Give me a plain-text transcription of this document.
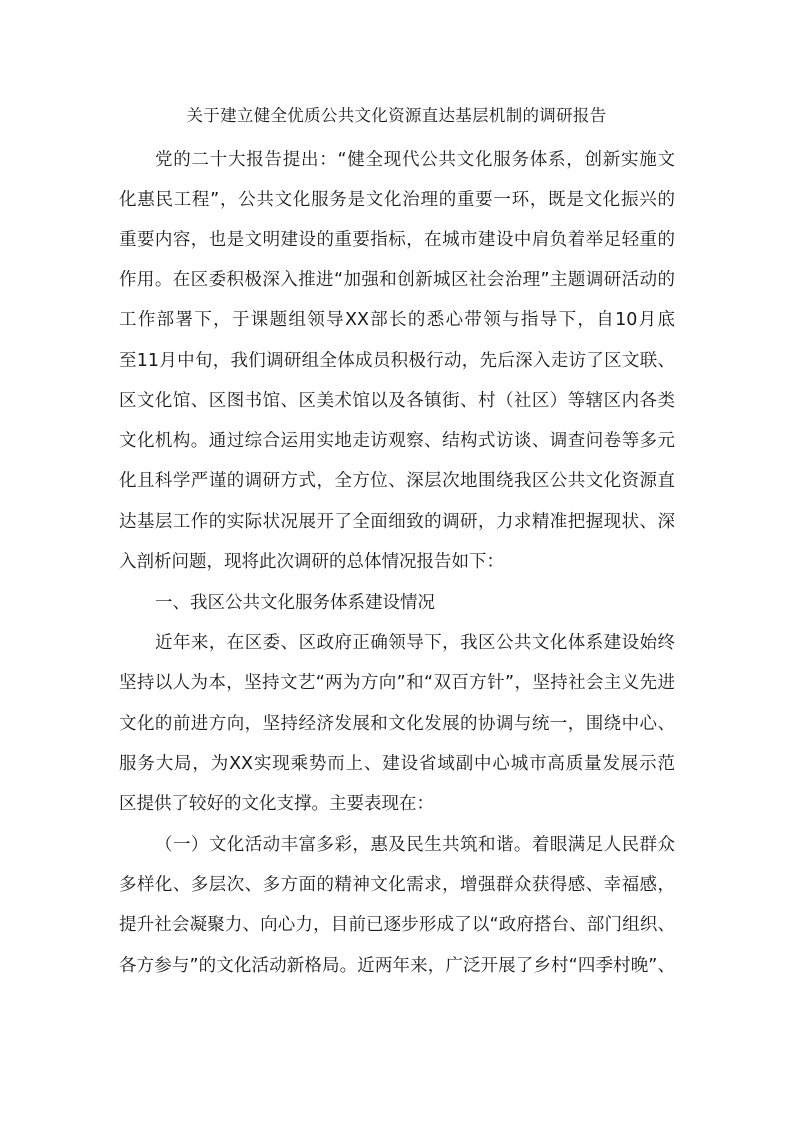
关于建立健全优质公共文化资源直达基层机制的调研报告
党的二十大报告提出：“健全现代公共文化服务体系，创新实施文
化惠民工程”，公共文化服务是文化治理的重要一环，既是文化振兴的
重要内容，也是文明建设的重要指标，在城市建设中肩负着举足轻重的
作用。在区委积极深入推进“加强和创新城区社会治理”主题调研活动的
工作部署下，于课题组领导XX部长的悉心带领与指导下，自10月底
至11月中旬，我们调研组全体成员积极行动，先后深入走访了区文联、
区文化馆、区图书馆、区美术馆以及各镇街、村（社区）等辖区内各类
文化机构。通过综合运用实地走访观察、结构式访谈、调查问卷等多元
化且科学严谨的调研方式，全方位、深层次地围绕我区公共文化资源直
达基层工作的实际状况展开了全面细致的调研，力求精准把握现状、深
入剖析问题，现将此次调研的总体情况报告如下：
一、我区公共文化服务体系建设情况
近年来，在区委、区政府正确领导下，我区公共文化体系建设始终
坚持以人为本，坚持文艺“两为方向”和“双百方针”，坚持社会主义先进
文化的前进方向，坚持经济发展和文化发展的协调与统一，围绕中心、
服务大局，为XX实现乘势而上、建设省域副中心城市高质量发展示范
区提供了较好的文化支撑。主要表现在：
（一）文化活动丰富多彩，惠及民生共筑和谐。着眼满足人民群众
多样化、多层次、多方面的精神文化需求，增强群众获得感、幸福感，
提升社会凝聚力、向心力，目前已逐步形成了以“政府搭台、部门组织、
各方参与”的文化活动新格局。近两年来，广泛开展了乡村“四季村晚”、
